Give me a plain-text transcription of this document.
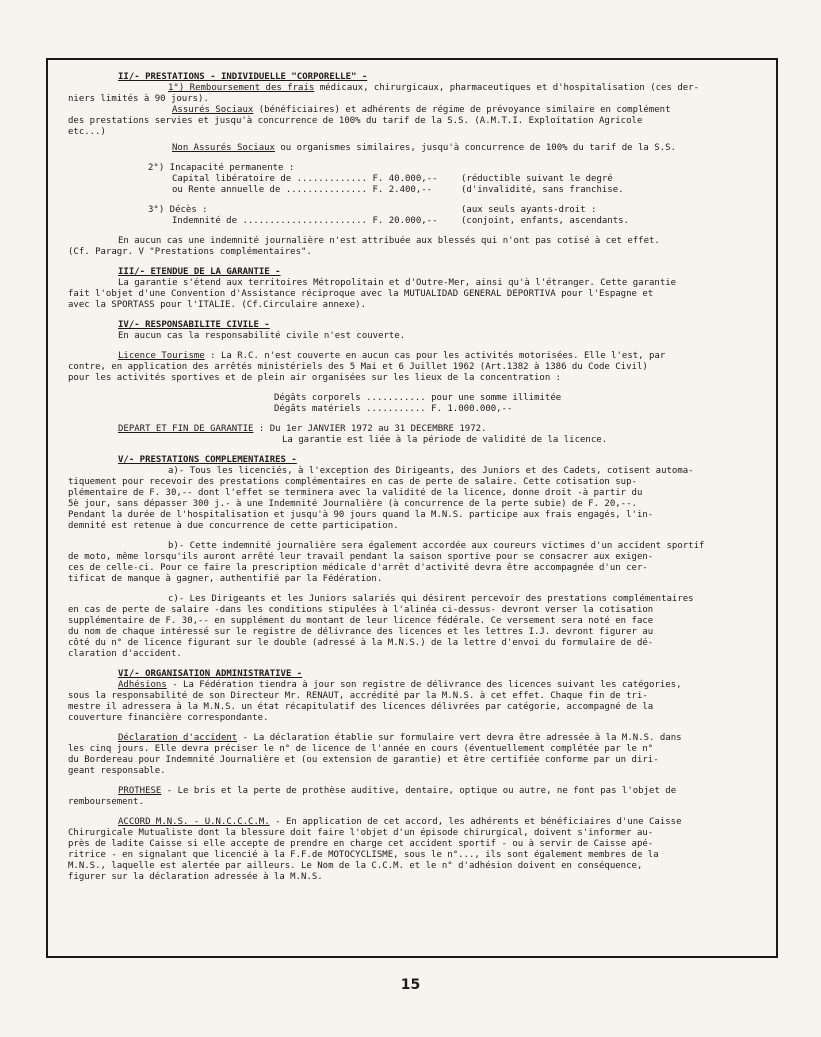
II/- PRESTATIONS - INDIVIDUELLE "CORPORELLE" -

1°) Remboursement des frais médicaux, chirurgicaux, pharmaceutiques et d'hospitalisation (ces der-

niers limités à 90 jours).

Assurés Sociaux (bénéficiaires) et adhérents de régime de prévoyance similaire en complément

des prestations servies et jusqu'à concurrence de 100% du tarif de la S.S. (A.M.T.I. Exploitation Agricole

etc...)

Non Assurés Sociaux ou organismes similaires, jusqu'à concurrence de 100% du tarif de la S.S.

2°) Incapacité permanente :

Capital libératoire de ............. F. 40.000,--	(réductible suivant le degré

ou Rente annuelle de ............... F. 2.400,--	(d'invalidité, sans franchise.

3°) Décès :	(aux seuls ayants-droit :

Indemnité de ....................... F. 20.000,--	(conjoint, enfants, ascendants.

En aucun cas une indemnité journalière n'est attribuée aux blessés qui n'ont pas cotisé à cet effet.

(Cf. Paragr. V "Prestations complémentaires".

III/- ETENDUE DE LA GARANTIE -

La garantie s'étend aux territoires Métropolitain et d'Outre-Mer, ainsi qu'à l'étranger. Cette garantie

fait l'objet d'une Convention d'Assistance réciproque avec la MUTUALIDAD GENERAL DEPORTIVA pour l'Espagne et

avec la SPORTASS pour l'ITALIE. (Cf.Circulaire annexe).

IV/- RESPONSABILITE CIVILE -

En aucun cas la responsabilité civile n'est couverte.

Licence Tourisme : La R.C. n'est couverte en aucun cas pour les activités motorisées. Elle l'est, par

contre, en application des arrêtés ministériels des 5 Mai et 6 Juillet 1962 (Art.1382 à 1386 du Code Civil)

pour les activités sportives et de plein air organisées sur les lieux de la concentration :

Dégâts corporels ........... pour une somme illimitée

Dégâts matériels ........... F. 1.000.000,--

DEPART ET FIN DE GARANTIE : Du 1er JANVIER 1972 au 31 DECEMBRE 1972.

La garantie est liée à la période de validité de la licence.

V/- PRESTATIONS COMPLEMENTAIRES -

a)- Tous les licenciés, à l'exception des Dirigeants, des Juniors et des Cadets, cotisent automa-

tiquement pour recevoir des prestations complémentaires en cas de perte de salaire. Cette cotisation sup-

plémentaire de F. 30,-- dont l'effet se terminera avec la validité de la licence, donne droit -à partir du

5è jour, sans dépasser 300 j.- à une Indemnité Journalière (à concurrence de la perte subie) de F. 20,--.

Pendant la durée de l'hospitalisation et jusqu'à 90 jours quand la M.N.S. participe aux frais engagés, l'in-

demnité est retenue à due concurrence de cette participation.

b)- Cette indemnité journalière sera également accordée aux coureurs victimes d'un accident sportif

de moto, même lorsqu'ils auront arrêté leur travail pendant la saison sportive pour se consacrer aux exigen-

ces de celle-ci. Pour ce faire la prescription médicale d'arrêt d'activité devra être accompagnée d'un cer-

tificat de manque à gagner, authentifié par la Fédération.

c)- Les Dirigeants et les Juniors salariés qui désirent percevoir des prestations complémentaires

en cas de perte de salaire -dans les conditions stipulées à l'alinéa ci-dessus- devront verser la cotisation

supplémentaire de F. 30,-- en supplément du montant de leur licence fédérale. Ce versement sera noté en face

du nom de chaque intéressé sur le registre de délivrance des licences et les lettres I.J. devront figurer au

côté du n° de licence figurant sur le double (adressé à la M.N.S.) de la lettre d'envoi du formulaire de dé-

claration d'accident.

VI/- ORGANISATION ADMINISTRATIVE -

Adhésions - La Fédération tiendra à jour son registre de délivrance des licences suivant les catégories,

sous la responsabilité de son Directeur Mr. RENAUT, accrédité par la M.N.S. à cet effet. Chaque fin de tri-

mestre il adressera à la M.N.S. un état récapitulatif des licences délivrées par catégorie, accompagné de la

couverture financière correspondante.

Déclaration d'accident - La déclaration établie sur formulaire vert devra être adressée à la M.N.S. dans

les cinq jours. Elle devra préciser le n° de licence de l'année en cours (éventuellement complétée par le n°

du Bordereau pour Indemnité Journalière et (ou extension de garantie) et être certifiée conforme par un diri-

geant responsable.

PROTHESE - Le bris et la perte de prothèse auditive, dentaire, optique ou autre, ne font pas l'objet de

remboursement.

ACCORD M.N.S. - U.N.C.C.C.M. - En application de cet accord, les adhérents et bénéficiaires d'une Caisse

Chirurgicale Mutualiste dont la blessure doit faire l'objet d'un épisode chirurgical, doivent s'informer au-

près de ladite Caisse si elle accepte de prendre en charge cet accident sportif - ou à servir de Caisse apé-

ritrice - en signalant que licencié à la F.F.de MOTOCYCLISME, sous le n°..., ils sont également membres de la

M.N.S., laquelle est alertée par ailleurs. Le Nom de la C.C.M. et le n° d'adhésion doivent en conséquence,

figurer sur la déclaration adressée à la M.N.S.

15
